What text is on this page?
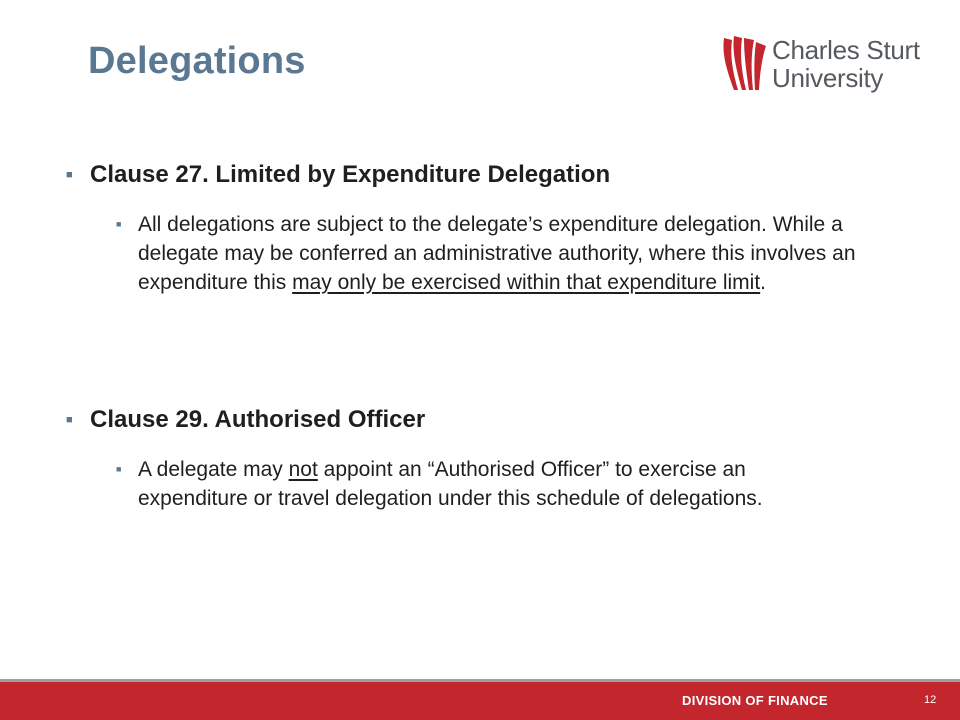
Delegations	Charles Sturt
University
■ Clause 27. Limited by Expenditure Delegation
■ All delegations are subject to the delegate’s expenditure delegation. While a delegate may be conferred an administrative authority, where this involves an expenditure this may only be exercised within that expenditure limit.
■ Clause 29. Authorised Officer
■ A delegate may not appoint an “Authorised Officer” to exercise an expenditure or travel delegation under this schedule of delegations.
DIVISION OF FINANCE	12
